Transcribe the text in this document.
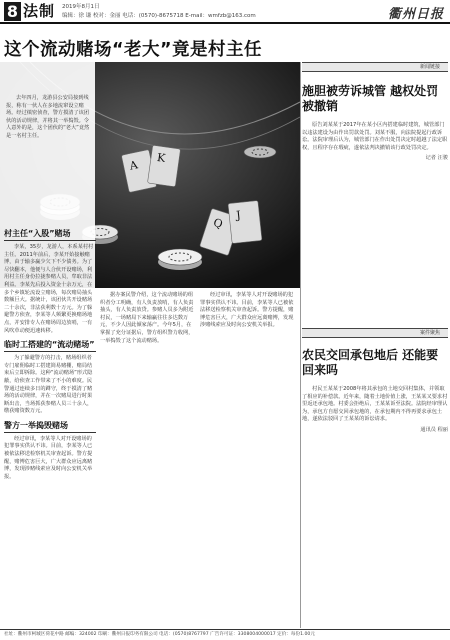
8 法制 2019年8月1日
编辑：徐 谦 校对：金丽 电话：(0570)-8675718 E-mail：wmfzb@163.com	衢州日报
这个流动赌场“老大”竟是村主任
A
K
Q
J

去年四月，龙游县公安局接到线报，称有一伙人在多地流窜设立赌场。经过缜密侦查，警方摸清了该团伙的活动规律，并将其一举捣毁。令人意外的是，这个团伙的“老大”竟然是一名村主任。

村主任“入股”赌场

李某，35岁，龙游人，本系某村村主任。2011年前后，李某开始接触赌博，由于输多赢少欠下不少债务。为了尽快翻本，他便与人合伙开设赌场，利用村主任身份拉拢参赌人员，牟取非法利益。李某先后投入资金十余万元，在多个乡镇轮流设立赌场，每次赌局抽头数额巨大。据统计，该团伙共开设赌场二十余次，非法获利数十万元。为了躲避警方侦查，李某等人频繁更换赌场地点，并安排专人在赌场周边放哨，一有风吹草动便迅速转移。

临时工搭建的“流动赌场”

为了躲避警方的打击，赌场组织者专门雇佣临时工搭建简易赌棚，赌局结束后立即拆除。这种“流动赌场”形式隐蔽，给侦查工作带来了不小的难度。民警通过连续多日的蹲守，终于摸清了赌场的活动规律，并在一次赌局进行时果断出击，当场抓获参赌人员三十余人，缴获赌资数万元。

警方一举捣毁赌场

经过审讯，李某等人对开设赌场的犯罪事实供认不讳。目前，李某等人已被依法移送检察机关审查起诉。警方提醒，赌博危害巨大，广大群众应远离赌博，发现涉赌线索应及时向公安机关举报。

据办案民警介绍，这个流动赌场的组织者分工明确，有人负责放哨，有人负责抽头，有人负责放贷。参赌人员多为附近村民，一场赌局下来输赢往往多达数万元，不少人因此倾家荡产。今年5月，在掌握了充分证据后，警方组织警力收网，一举捣毁了这个流动赌场。

经过审讯，李某等人对开设赌场的犯罪事实供认不讳。目前，李某等人已被依法移送检察机关审查起诉。警方提醒，赌博危害巨大，广大群众应远离赌博，发现涉赌线索应及时向公安机关举报。

新闻链接
施胆被劳诉城管 越权处罚被撤销

原告刘某某于2017年在某小区内搭建临时建筑，城管部门以违法建设为由作出罚款处罚。刘某不服，向法院提起行政诉讼。法院审理后认为，城管部门在作出处罚决定时超越了法定职权，且程序存在瑕疵，遂依法判决撤销该行政处罚决定。

记者 汪骏
案件聚焦
农民交回承包地后 还能要回来吗

村民王某某于2008年将其承包的土地交回村集体，并领取了相应的补偿款。近年来，随着土地价值上涨，王某某又要求村里返还承包地。村委会拒绝后，王某某诉至法院。法院经审理认为，承包方自愿交回承包地的，在承包期内不得再要求承包土地，遂依法驳回了王某某的诉讼请求。

通讯员 程丽
社址：衢州市柯城区荷花中路 邮编：324002 印刷：衢州日报印务有限公司 电话：(0570)8767797 广告许可证：3308004000017 定价：每份1.00元
